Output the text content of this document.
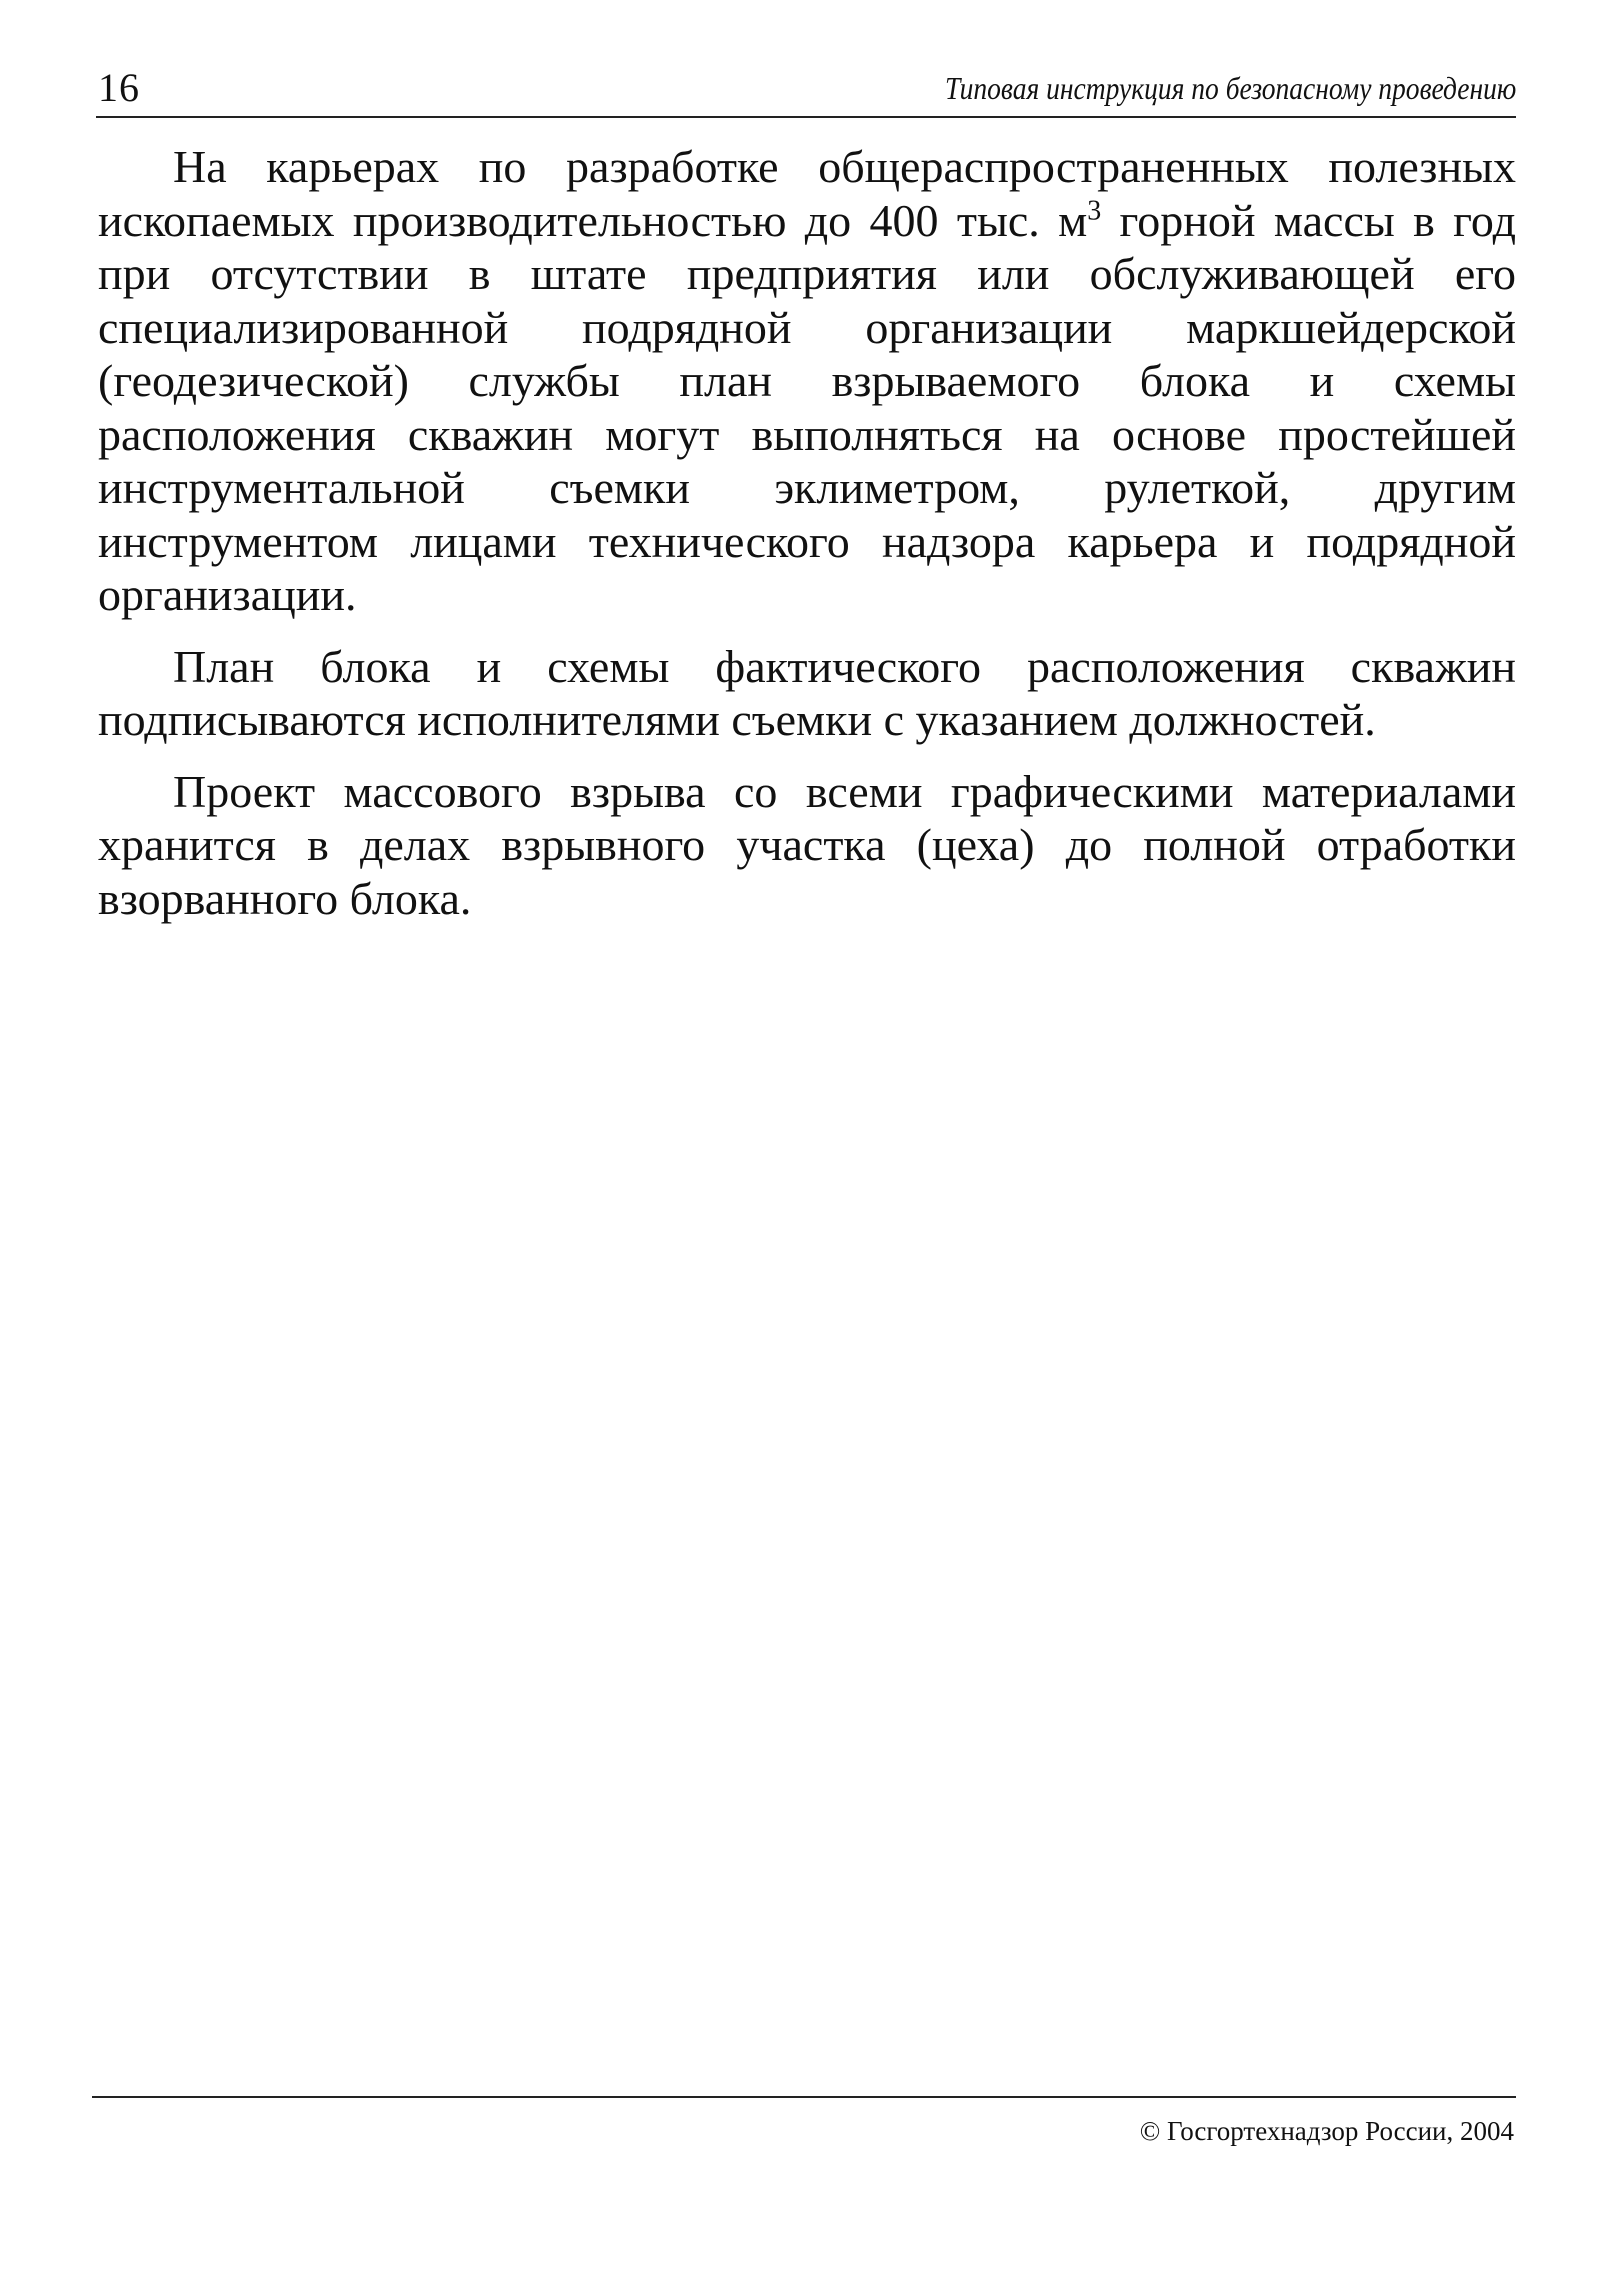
16	Типовая инструкция по безопасному проведению

На карьерах по разработке общераспространенных полезных ископаемых производительностью до 400 тыс. $м^3$ горной массы в год при отсутствии в штате предприятия или обслуживающей его специализированной подрядной организации маркшейдерской (геодезической) службы план взрываемого блока и схемы расположения скважин могут выполняться на основе простейшей инструментальной съемки эклиметром, рулеткой, другим инструментом лицами технического надзора карьера и подрядной организации.

План блока и схемы фактического расположения скважин подписываются исполнителями съемки с указанием должностей.

Проект массового взрыва со всеми графическими материалами хранится в делах взрывного участка (цеха) до полной отработки взорванного блока.

© Госгортехнадзор России, 2004
